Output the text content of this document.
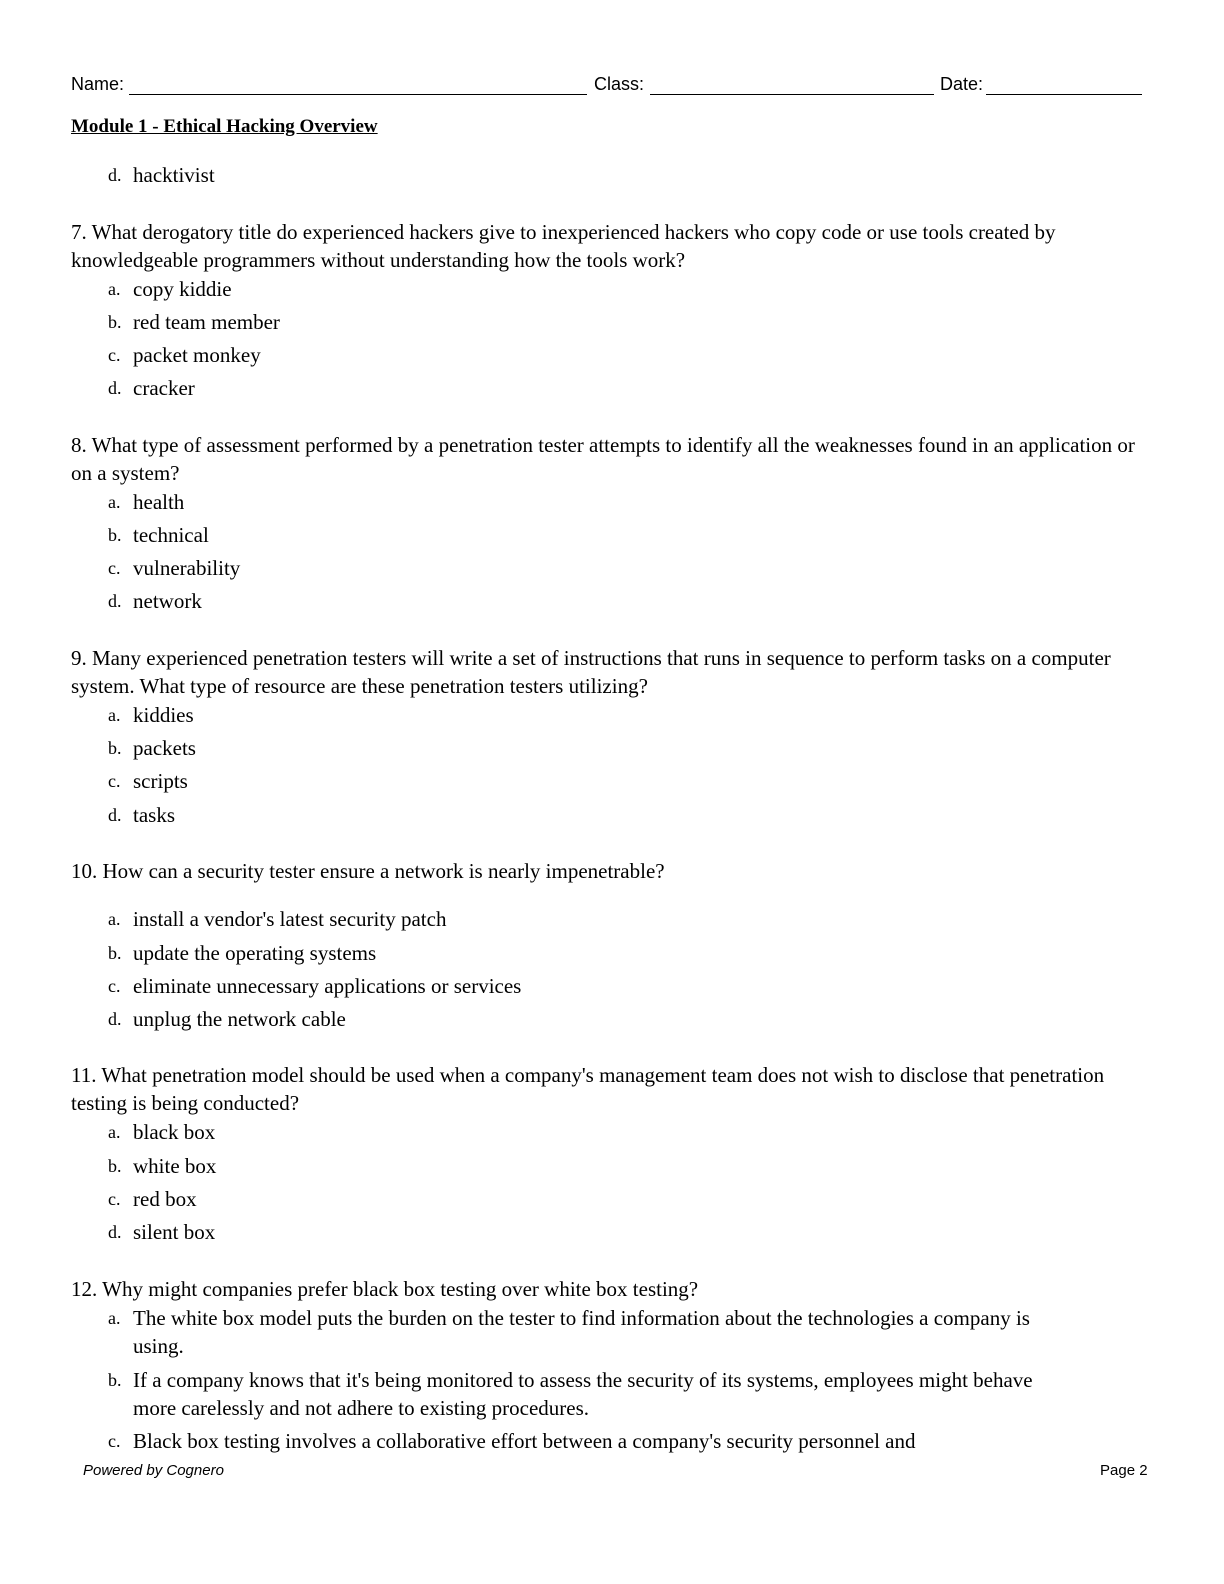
Name:	Class:	Date:
Module 1 - Ethical Hacking Overview
d. hacktivist
7. What derogatory title do experienced hackers give to inexperienced hackers who copy code or use tools created by knowledgeable programmers without understanding how the tools work?
a. copy kiddie
b. red team member
c. packet monkey
d. cracker
8. What type of assessment performed by a penetration tester attempts to identify all the weaknesses found in an application or on a system?
a. health
b. technical
c. vulnerability
d. network
9. Many experienced penetration testers will write a set of instructions that runs in sequence to perform tasks on a computer system. What type of resource are these penetration testers utilizing?
a. kiddies
b. packets
c. scripts
d. tasks
10. How can a security tester ensure a network is nearly impenetrable?
a. install a vendor's latest security patch
b. update the operating systems
c. eliminate unnecessary applications or services
d. unplug the network cable
11. What penetration model should be used when a company's management team does not wish to disclose that penetration testing is being conducted?
a. black box
b. white box
c. red box
d. silent box
12. Why might companies prefer black box testing over white box testing?
a. The white box model puts the burden on the tester to find information about the technologies a company is using.
b. If a company knows that it's being monitored to assess the security of its systems, employees might behave more carelessly and not adhere to existing procedures.
c. Black box testing involves a collaborative effort between a company's security personnel and
Powered by Cognero	Page 2
